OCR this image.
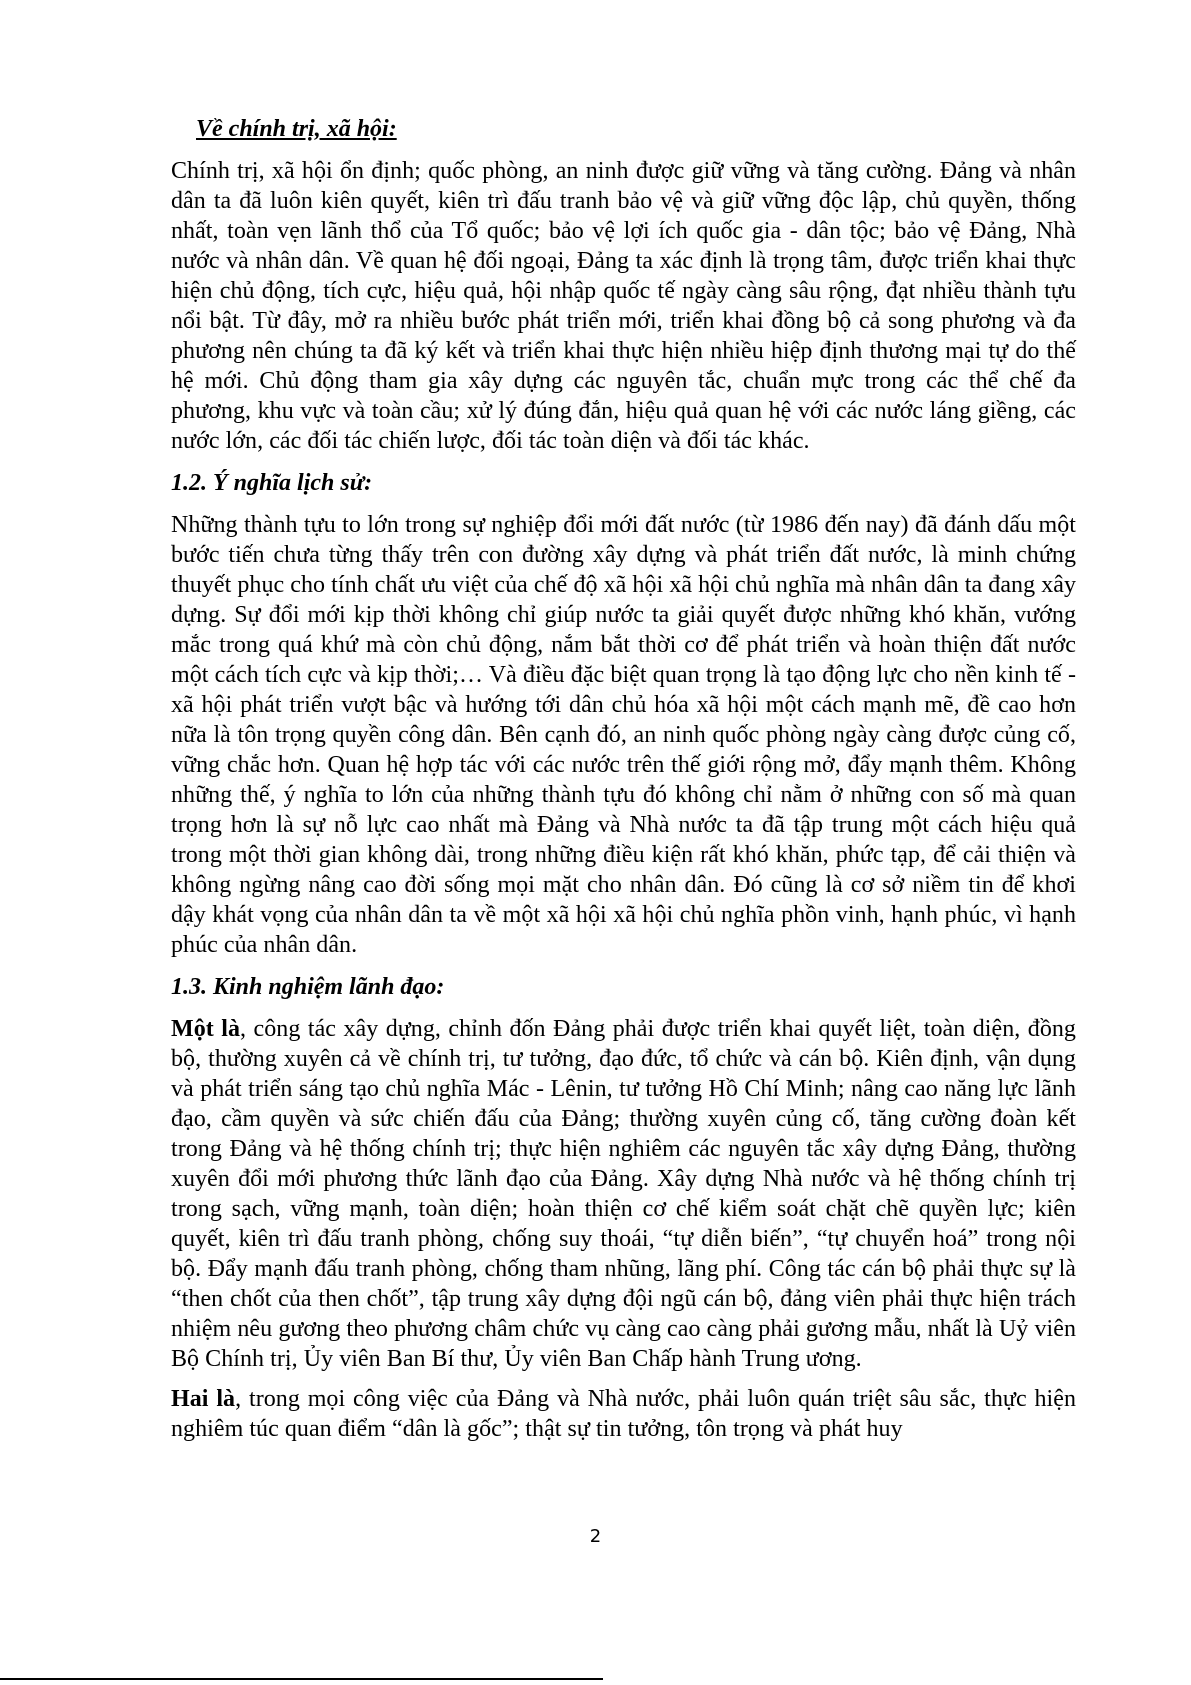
Về chính trị, xã hội:

Chính trị, xã hội ổn định; quốc phòng, an ninh được giữ vững và tăng cường. Đảng và nhân dân ta đã luôn kiên quyết, kiên trì đấu tranh bảo vệ và giữ vững độc lập, chủ quyền, thống nhất, toàn vẹn lãnh thổ của Tổ quốc; bảo vệ lợi ích quốc gia - dân tộc; bảo vệ Đảng, Nhà nước và nhân dân. Về quan hệ đối ngoại, Đảng ta xác định là trọng tâm, được triển khai thực hiện chủ động, tích cực, hiệu quả, hội nhập quốc tế ngày càng sâu rộng, đạt nhiều thành tựu nổi bật. Từ đây, mở ra nhiều bước phát triển mới, triển khai đồng bộ cả song phương và đa phương nên chúng ta đã ký kết và triển khai thực hiện nhiều hiệp định thương mại tự do thế hệ mới. Chủ động tham gia xây dựng các nguyên tắc, chuẩn mực trong các thể chế đa phương, khu vực và toàn cầu; xử lý đúng đắn, hiệu quả quan hệ với các nước láng giềng, các nước lớn, các đối tác chiến lược, đối tác toàn diện và đối tác khác.

1.2. Ý nghĩa lịch sử:

Những thành tựu to lớn trong sự nghiệp đổi mới đất nước (từ 1986 đến nay) đã đánh dấu một bước tiến chưa từng thấy trên con đường xây dựng và phát triển đất nước, là minh chứng thuyết phục cho tính chất ưu việt của chế độ xã hội xã hội chủ nghĩa mà nhân dân ta đang xây dựng. Sự đổi mới kịp thời không chỉ giúp nước ta giải quyết được những khó khăn, vướng mắc trong quá khứ mà còn chủ động, nắm bắt thời cơ để phát triển và hoàn thiện đất nước một cách tích cực và kịp thời;… Và điều đặc biệt quan trọng là tạo động lực cho nền kinh tế - xã hội phát triển vượt bậc và hướng tới dân chủ hóa xã hội một cách mạnh mẽ, đề cao hơn nữa là tôn trọng quyền công dân. Bên cạnh đó, an ninh quốc phòng ngày càng được củng cố, vững chắc hơn. Quan hệ hợp tác với các nước trên thế giới rộng mở, đẩy mạnh thêm. Không những thế, ý nghĩa to lớn của những thành tựu đó không chỉ nằm ở những con số mà quan trọng hơn là sự nỗ lực cao nhất mà Đảng và Nhà nước ta đã tập trung một cách hiệu quả trong một thời gian không dài, trong những điều kiện rất khó khăn, phức tạp, để cải thiện và không ngừng nâng cao đời sống mọi mặt cho nhân dân. Đó cũng là cơ sở niềm tin để khơi dậy khát vọng của nhân dân ta về một xã hội xã hội chủ nghĩa phồn vinh, hạnh phúc, vì hạnh phúc của nhân dân.

1.3. Kinh nghiệm lãnh đạo:

Một là, công tác xây dựng, chỉnh đốn Đảng phải được triển khai quyết liệt, toàn diện, đồng bộ, thường xuyên cả về chính trị, tư tưởng, đạo đức, tổ chức và cán bộ. Kiên định, vận dụng và phát triển sáng tạo chủ nghĩa Mác - Lênin, tư tưởng Hồ Chí Minh; nâng cao năng lực lãnh đạo, cầm quyền và sức chiến đấu của Đảng; thường xuyên củng cố, tăng cường đoàn kết trong Đảng và hệ thống chính trị; thực hiện nghiêm các nguyên tắc xây dựng Đảng, thường xuyên đổi mới phương thức lãnh đạo của Đảng. Xây dựng Nhà nước và hệ thống chính trị trong sạch, vững mạnh, toàn diện; hoàn thiện cơ chế kiểm soát chặt chẽ quyền lực; kiên quyết, kiên trì đấu tranh phòng, chống suy thoái, “tự diễn biến”, “tự chuyển hoá” trong nội bộ. Đẩy mạnh đấu tranh phòng, chống tham nhũng, lãng phí. Công tác cán bộ phải thực sự là “then chốt của then chốt”, tập trung xây dựng đội ngũ cán bộ, đảng viên phải thực hiện trách nhiệm nêu gương theo phương châm chức vụ càng cao càng phải gương mẫu, nhất là Uỷ viên Bộ Chính trị, Ủy viên Ban Bí thư, Ủy viên Ban Chấp hành Trung ương.

Hai là, trong mọi công việc của Đảng và Nhà nước, phải luôn quán triệt sâu sắc, thực hiện nghiêm túc quan điểm “dân là gốc”; thật sự tin tưởng, tôn trọng và phát huy

2
